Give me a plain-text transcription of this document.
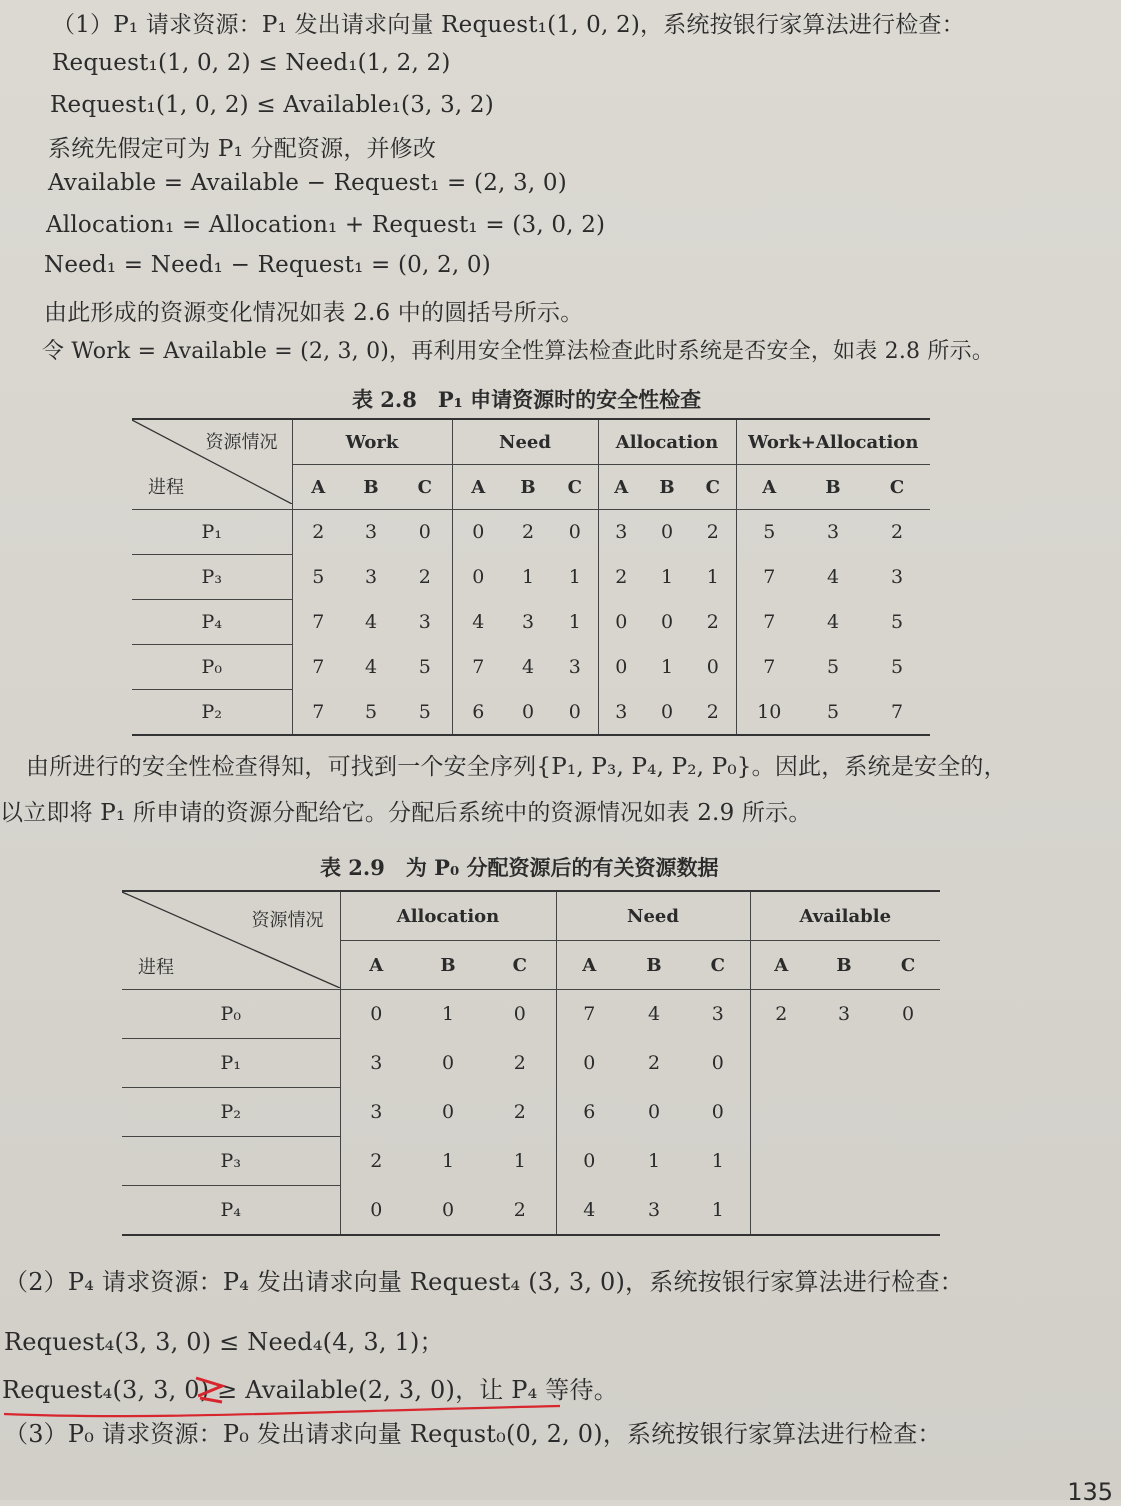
（1）P₁ 请求资源：P₁ 发出请求向量 Request₁(1, 0, 2)，系统按银行家算法进行检查：
Request₁(1, 0, 2) ≤ Need₁(1, 2, 2)
Request₁(1, 0, 2) ≤ Available₁(3, 3, 2)
系统先假定可为 P₁ 分配资源，并修改
Available = Available − Request₁ = (2, 3, 0)
Allocation₁ = Allocation₁ + Request₁ = (3, 0, 2)
Need₁ = Need₁ − Request₁ = (0, 2, 0)
由此形成的资源变化情况如表 2.6 中的圆括号所示。
令 Work = Available = (2, 3, 0)，再利用安全性算法检查此时系统是否安全，如表 2.8 所示。
表 2.8　P₁ 申请资源时的安全性检查
资源情况
进程	Work			Need			Allocation			Work+Allocation		
	A	B	C	A	B	C	A	B	C	A	B	C
P₁	2	3	0	0	2	0	3	0	2	5	3	2
P₃	5	3	2	0	1	1	2	1	1	7	4	3
P₄	7	4	3	4	3	1	0	0	2	7	4	5
P₀	7	4	5	7	4	3	0	1	0	7	5	5
P₂	7	5	5	6	0	0	3	0	2	10	5	7
由所进行的安全性检查得知，可找到一个安全序列{P₁, P₃, P₄, P₂, P₀}。因此，系统是安全的，
以立即将 P₁ 所申请的资源分配给它。分配后系统中的资源情况如表 2.9 所示。
表 2.9　为 P₀ 分配资源后的有关资源数据
资源情况
进程	Allocation			Need			Available		
	A	B	C	A	B	C	A	B	C
P₀	0	1	0	7	4	3	2	3	0
P₁	3	0	2	0	2	0			
P₂	3	0	2	6	0	0			
P₃	2	1	1	0	1	1			
P₄	0	0	2	4	3	1			
（2）P₄ 请求资源：P₄ 发出请求向量 Request₄ (3, 3, 0)，系统按银行家算法进行检查：
Request₄(3, 3, 0) ≤ Need₄(4, 3, 1)；
Request₄(3, 3, 0) ≥ Available(2, 3, 0)，让 P₄ 等待。
（3）P₀ 请求资源：P₀ 发出请求向量 Requst₀(0, 2, 0)，系统按银行家算法进行检查：
135
